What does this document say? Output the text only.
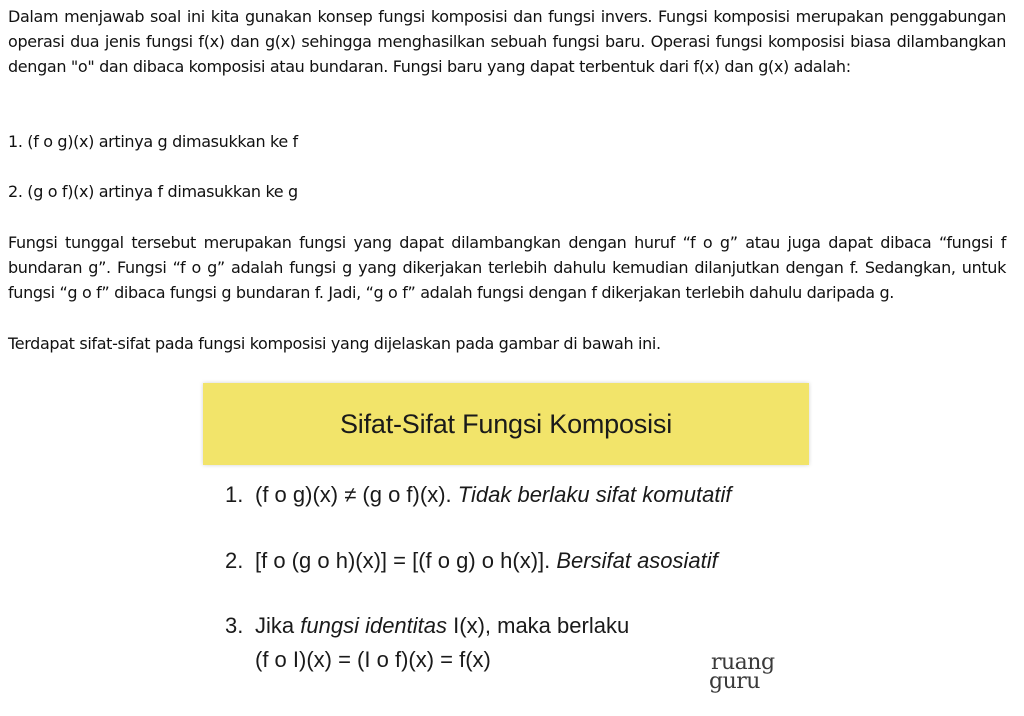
Dalam menjawab soal ini kita gunakan konsep fungsi komposisi dan fungsi invers. Fungsi komposisi merupakan penggabungan operasi dua jenis fungsi f(x) dan g(x) sehingga menghasilkan sebuah fungsi baru. Operasi fungsi komposisi biasa dilambangkan dengan "o" dan dibaca komposisi atau bundaran. Fungsi baru yang dapat terbentuk dari f(x) dan g(x) adalah:
1. (f o g)(x) artinya g dimasukkan ke f
2. (g o f)(x) artinya f dimasukkan ke g
Fungsi tunggal tersebut merupakan fungsi yang dapat dilambangkan dengan huruf “f o g” atau juga dapat dibaca “fungsi f bundaran g”. Fungsi “f o g” adalah fungsi g yang dikerjakan terlebih dahulu kemudian dilanjutkan dengan f. Sedangkan, untuk fungsi “g o f” dibaca fungsi g bundaran f. Jadi, “g o f” adalah fungsi dengan f dikerjakan terlebih dahulu daripada g.
Terdapat sifat-sifat pada fungsi komposisi yang dijelaskan pada gambar di bawah ini.
Sifat-Sifat Fungsi Komposisi
1. (f o g)(x) ≠ (g o f)(x). Tidak berlaku sifat komutatif
2. [f o (g o h)(x)] = [(f o g) o h(x)]. Bersifat asosiatif
3. Jika fungsi identitas I(x), maka berlaku
(f o I)(x) = (I o f)(x) = f(x)	ruang
guru
